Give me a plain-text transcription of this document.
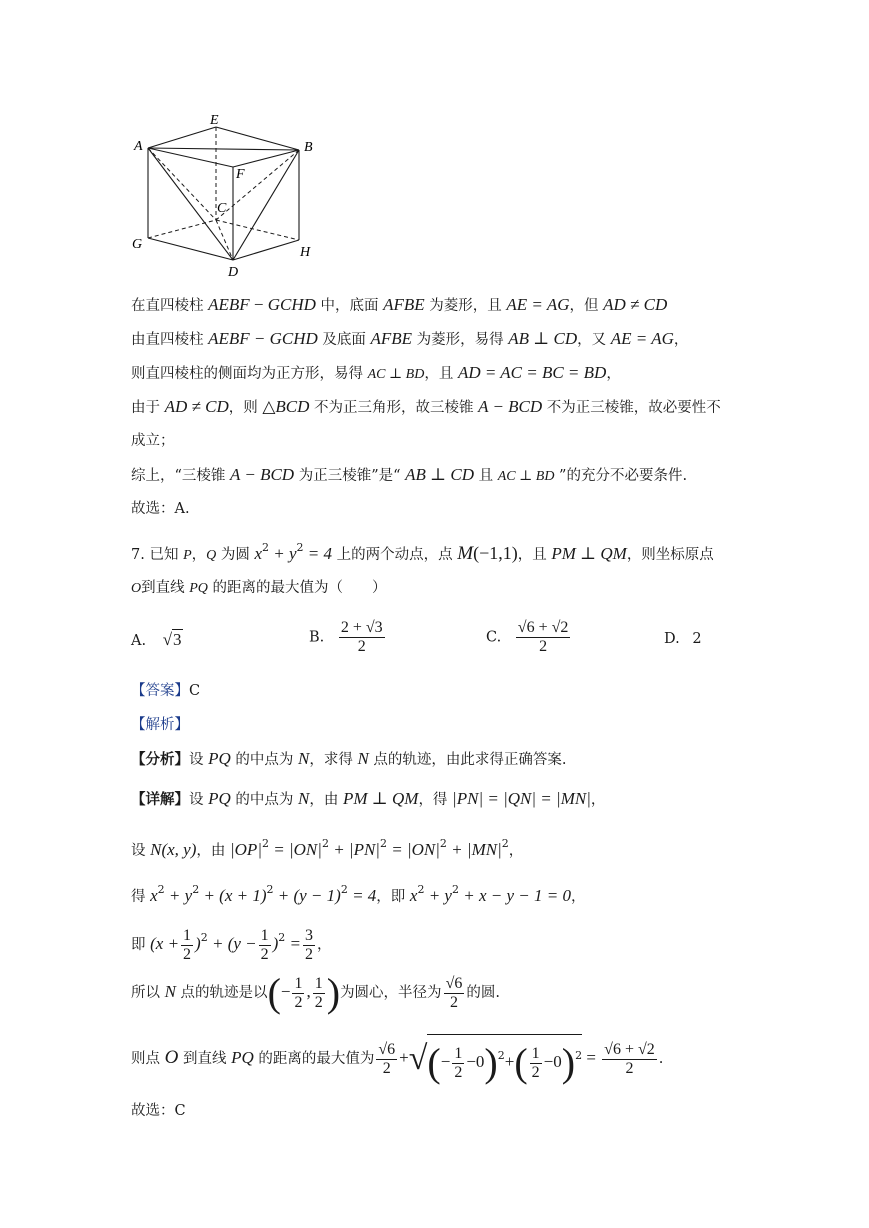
A
E
B
F
C
G
H
D
在直四棱柱 AEBF − GCHD 中，底面 AFBE 为菱形，且 AE = AG，但 AD ≠ CD
由直四棱柱 AEBF − GCHD 及底面 AFBE 为菱形，易得 AB ⊥ CD，又 AE = AG，
则直四棱柱的侧面均为正方形，易得 AC ⊥ BD，且 AD = AC = BC = BD，
由于 AD ≠ CD，则 △BCD 不为正三角形，故三棱锥 A − BCD 不为正三棱锥，故必要性不
成立；
综上，“三棱锥 A − BCD 为正三棱锥”是“ AB ⊥ CD 且 AC ⊥ BD ”的充分不必要条件.
故选：A.
7. 已知 P，Q 为圆 $x^2 + y^2 = 4$ 上的两个动点，点 M(−1,1)，且 PM ⊥ QM，则坐标原点
O到直线 PQ 的距离的最大值为（　　）
A. √3	B. $\frac{2 + √3}{2}$	C. $\frac{√6 + √2}{2}$	D. 2
【答案】C
【解析】
【分析】设 PQ 的中点为 N，求得 N 点的轨迹，由此求得正确答案.
【详解】设 PQ 的中点为 N，由 PM ⊥ QM，得 |PN| = |QN| = |MN|，
设 N(x, y)，由 $|OP|^2 = |ON|^2 + |PN|^2 = |ON|^2 + |MN|^2$，
得 $x^2 + y^2 + (x + 1)^2 + (y - 1)^2 = 4$，即 $x^2 + y^2 + x - y - 1 = 0$，
即 $(x + \frac{1}{2} )^2 + (y - \frac{1}{2} )^2 = \frac{3}{2}$ ，
所以 N 点的轨迹是以(− $\frac{1}{2}$ , $\frac{1}{2}$ )为圆心，半径为 $\frac{√6}{2}$ 的圆.
则点 O 到直线 PQ 的距离的最大值为 $\frac{√6}{2}$ +√(− $\frac{1}{2} -0)^2+( \frac{1}{2} -0)^2 = \frac{√6 + √2}{2}$ .
故选：C
